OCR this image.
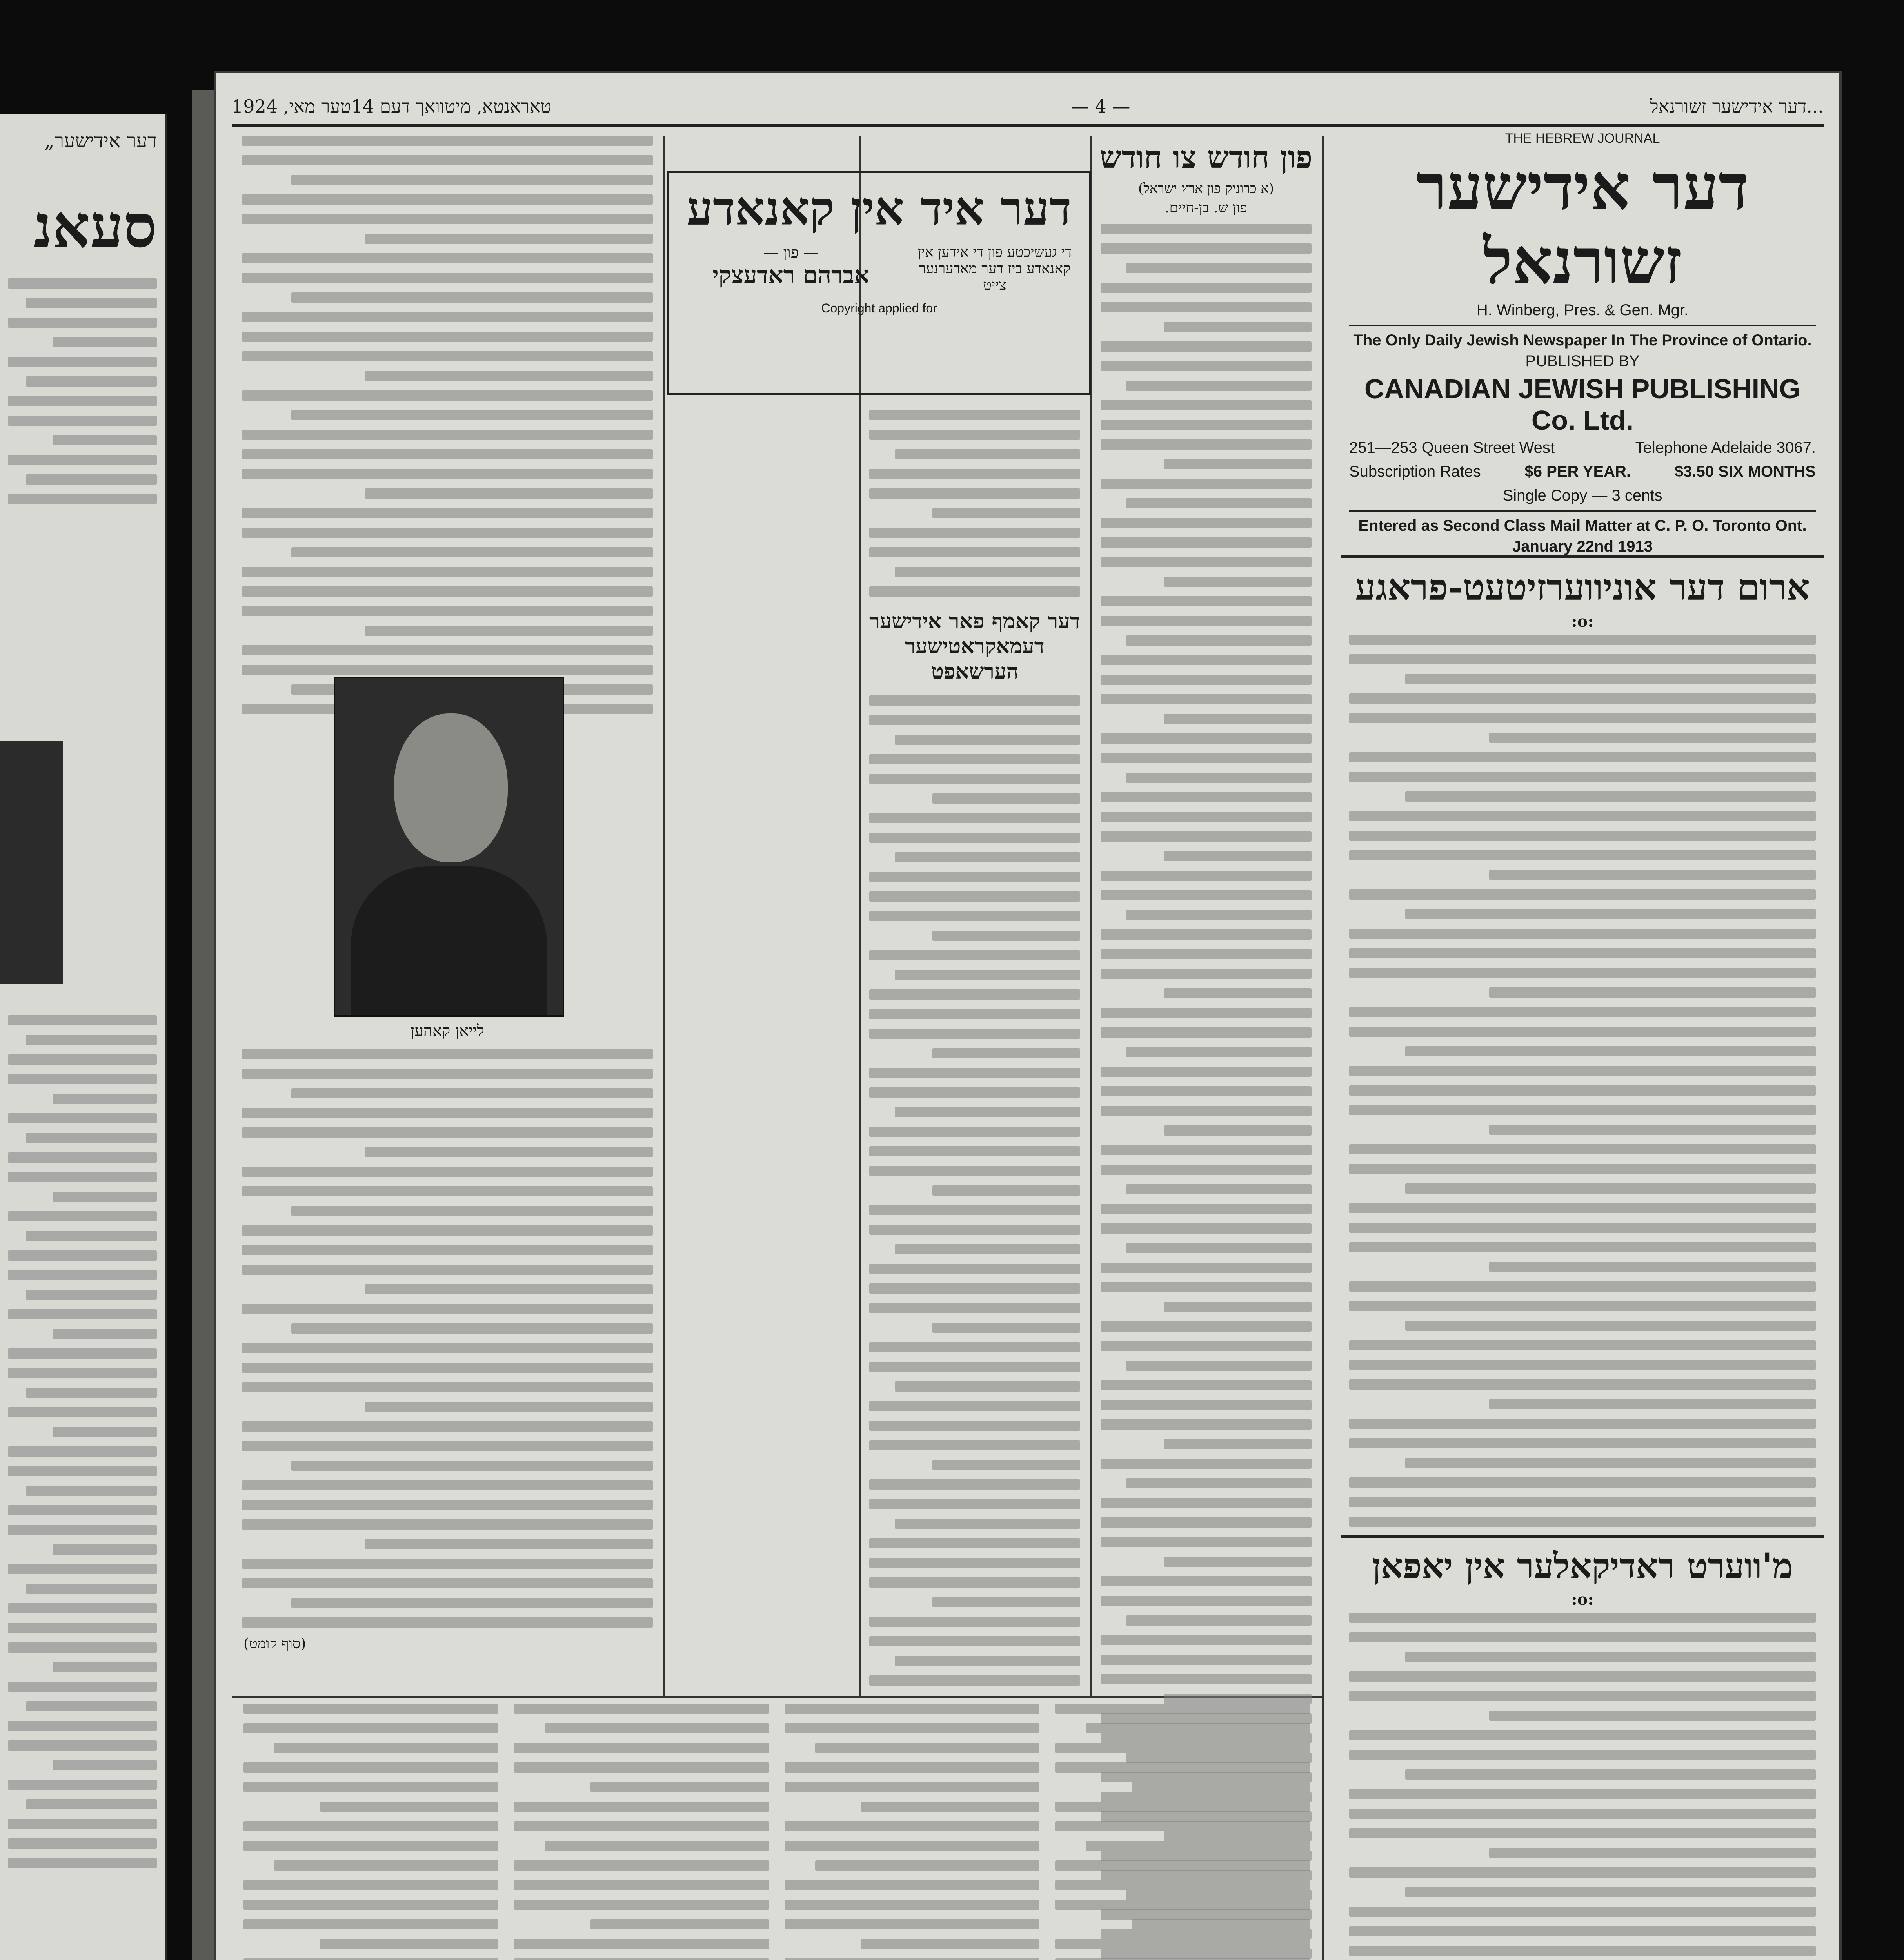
„דער אידישער
סעאנ
...דער אידישער זשורנאל
— 4 —
טאראנטא, מיטוואך דעם 14טער מאי, 1924
THE HEBREW JOURNAL
דער אידישער זשורנאל
H. Winberg, Pres. & Gen. Mgr.
The Only Daily Jewish Newspaper In The Province of Ontario.
PUBLISHED BY
CANADIAN JEWISH PUBLISHING Co. Ltd.
251—253 Queen Street West	Telephone Adelaide 3067.
Subscription Rates	$6 PER YEAR.	$3.50 SIX MONTHS
Single Copy — 3 cents
Entered as Second Class Mail Matter at C. P. O. Toronto Ont.
January 22nd 1913
ארום דער אוניווערזיטעט-פראגע
:o:
מ'ווערט ראדיקאלער אין יאפאן
:o:
פון חודש צו חודש
(א כרוניק פון ארץ ישראל)
פון ש. בן-חיים.
דער איד אין קאנאדע
די געשיכטע פון די אידען אין קאנאדע ביז דער מאדערנער צייט
— פון —
אברהם ראדעצקי
Copyright applied for
דער קאמף פאר אידישער דעמאקראטישער הערשאפט
לייאן קאהען
(סוף קומט)
